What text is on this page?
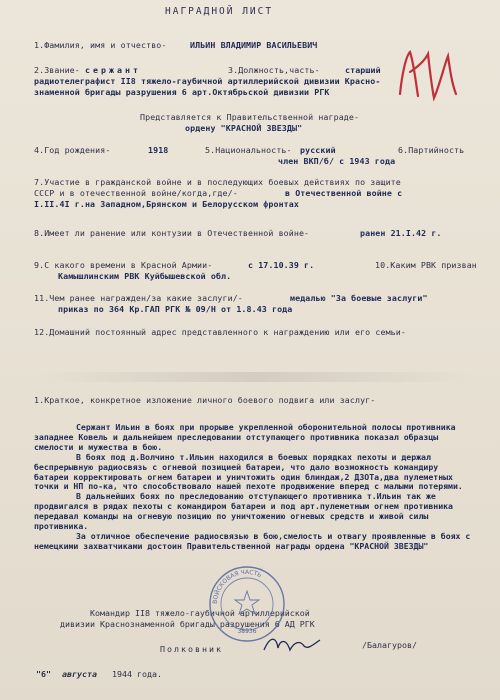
НАГРАДНОЙ ЛИСТ
1.Фамилия, имя и отчество-	ИЛЬИН ВЛАДИМИР ВАСИЛЬЕВИЧ
2.Звание- сержант	3.Должность,часть-	старший
радиотелеграфист II8 тяжело-гаубичной артиллерийской дивизии Красно-
знаменной бригады разрушения 6 арт.Октябрьской дивизии РГК
Представляется к Правительственной награде-
ордену "КРАСНОЙ ЗВЕЗДЫ"
4.Год рождения-	1918	5.Национальность- русский	6.Партийность
член ВКП/б/ с 1943 года
7.Участие в гражданской войне и в последующих боевых действиях по защите
СССР и в отечественной войне/когда,где/-	в Отечественной войне с
I.II.4I г.на Западном,Брянском и Белорусском фронтах
8.Имеет ли ранение или контузии в Отечественной войне-	ранен 21.I.42 г.
9.С какого времени в Красной Армии-	с 17.10.39 г.	10.Каким РВК призван
Камышлинским РВК Куйбышевской обл.
11.Чем ранее награжден/за какие заслуги/-	медалью "За боевые заслуги"
приказ по 364 Кр.ГАП РГК № 09/Н от 1.8.43 года
12.Домашний постоянный адрес представленного к награждению или его семьи-
1.Краткое, конкретное изложение личного боевого подвига или заслуг-

Сержант Ильин в боях при прорыве укрепленной оборонительной полосы противника западнее Ковель и дальнейшем преследовании отступающего противника показал образцы смелости и мужества в бою.

В боях под д.Волчино т.Ильин находился в боевых порядках пехоты и держал беспрерывную радиосвязь с огневой позицией батареи, что дало возможность командиру батареи корректировать огнем батареи и уничтожить один блиндаж,2 ДЗОТа,два пулеметных точки и НП по-ка, что способствовало нашей пехоте продвижение вперед с малыми потерями.

В дальнейших боях по преследованию отступающего противника т.Ильин так же продвигался в рядах пехоты с командиром батареи и под арт.пулеметным огнем противника передавал команды на огневую позицию по уничтожению огневых средств и живой силы противника.

За отличное обеспечение радиосвязью в бою,смелость и отвагу проявленные в боях с немецкими захватчиками достоин Правительственной награды ордена "КРАСНОЙ ЗВЕЗДЫ"

Командир II8 тяжело-гаубичной артиллерийской
дивизии Краснознаменной бригады разрушения 6 АД РГК
ВОЙСКОВАЯ ЧАСТЬ
38936
Полковник	/Балагуров/
"6" августа 1944 года.
